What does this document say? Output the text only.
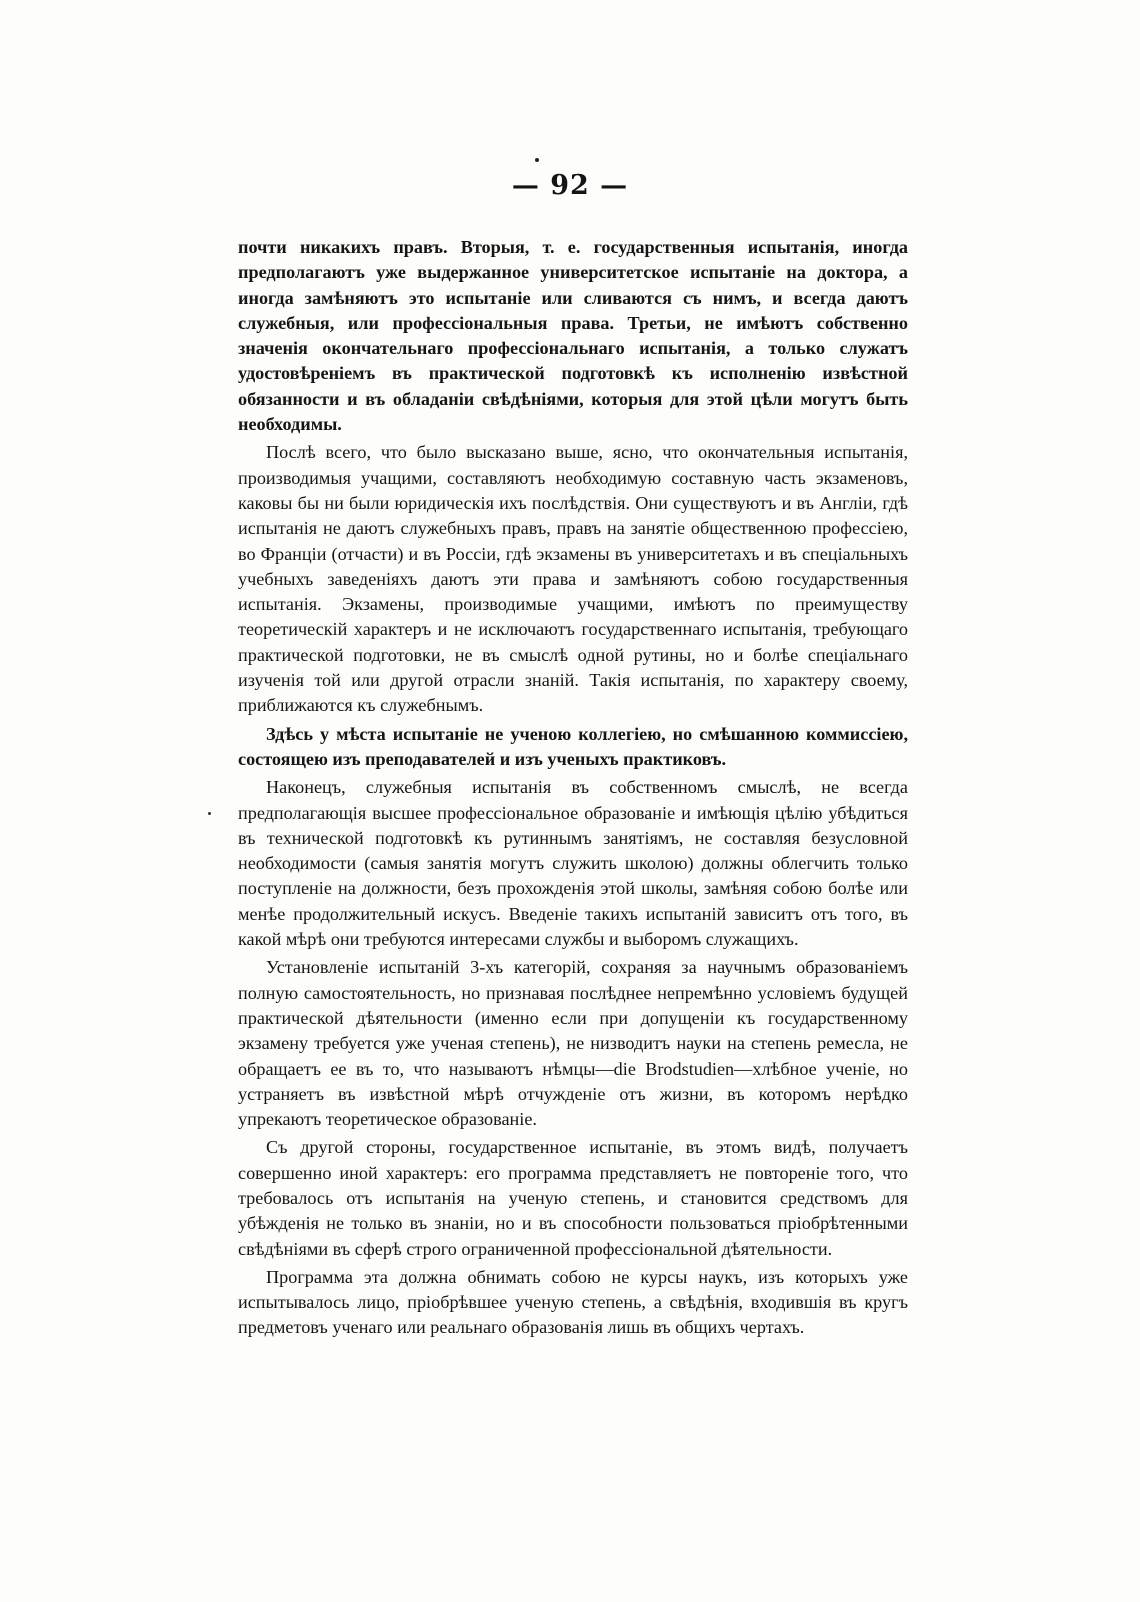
— 92 —

почти никакихъ правъ. Вторыя, т. е. государственныя испытанія, иногда предполагаютъ уже выдержанное университетское испытаніе на доктора, а иногда замѣняютъ это испытаніе или сливаются съ нимъ, и всегда даютъ служебныя, или профессіональныя права. Третьи, не имѣютъ собственно значенія окончательнаго профессіональнаго испытанія, а только служатъ удостовѣреніемъ въ практической подготовкѣ къ исполненію извѣстной обязанности и въ обладаніи свѣдѣніями, которыя для этой цѣли могутъ быть необходимы.

Послѣ всего, что было высказано выше, ясно, что окончательныя испытанія, производимыя учащими, составляютъ необходимую составную часть экзаменовъ, каковы бы ни были юридическія ихъ послѣдствія. Они существуютъ и въ Англіи, гдѣ испытанія не даютъ служебныхъ правъ, правъ на занятіе общественною профессіею, во Франціи (отчасти) и въ Россіи, гдѣ экзамены въ университетахъ и въ спеціальныхъ учебныхъ заведеніяхъ даютъ эти права и замѣняютъ собою государственныя испытанія. Экзамены, производимые учащими, имѣютъ по преимуществу теоретическій характеръ и не исключаютъ государственнаго испытанія, требующаго практической подготовки, не въ смыслѣ одной рутины, но и болѣе спеціальнаго изученія той или другой отрасли знаній. Такія испытанія, по характеру своему, приближаются къ служебнымъ.

Здѣсь у мѣста испытаніе не ученою коллегіею, но смѣшанною коммиссіею, состоящею изъ преподавателей и изъ ученыхъ практиковъ.

Наконецъ, служебныя испытанія въ собственномъ смыслѣ, не всегда предполагающія высшее профессіональное образованіе и имѣющія цѣлію убѣдиться въ технической подготовкѣ къ рутиннымъ занятіямъ, не составляя безусловной необходимости (самыя занятія могутъ служить школою) должны облегчить только поступленіе на должности, безъ прохожденія этой школы, замѣняя собою болѣе или менѣе продолжительный искусъ. Введеніе такихъ испытаній зависитъ отъ того, въ какой мѣрѣ они требуются интересами службы и выборомъ служащихъ.

Установленіе испытаній 3-хъ категорій, сохраняя за научнымъ образованіемъ полную самостоятельность, но признавая послѣднее непремѣнно условіемъ будущей практической дѣятельности (именно если при допущеніи къ государственному экзамену требуется уже ученая степень), не низводитъ науки на степень ремесла, не обращаетъ ее въ то, что называютъ нѣмцы—die Brodstudien—хлѣбное ученіе, но устраняетъ въ извѣстной мѣрѣ отчужденіе отъ жизни, въ которомъ нерѣдко упрекаютъ теоретическое образованіе.

Съ другой стороны, государственное испытаніе, въ этомъ видѣ, получаетъ совершенно иной характеръ: его программа представляетъ не повтореніе того, что требовалось отъ испытанія на ученую степень, и становится средствомъ для убѣжденія не только въ знаніи, но и въ способности пользоваться пріобрѣтенными свѣдѣніями въ сферѣ строго ограниченной профессіональной дѣятельности.

Программа эта должна обнимать собою не курсы наукъ, изъ которыхъ уже испытывалось лицо, пріобрѣвшее ученую степень, а свѣдѣнія, входившія въ кругъ предметовъ ученаго или реальнаго образованія лишь въ общихъ чертахъ.
